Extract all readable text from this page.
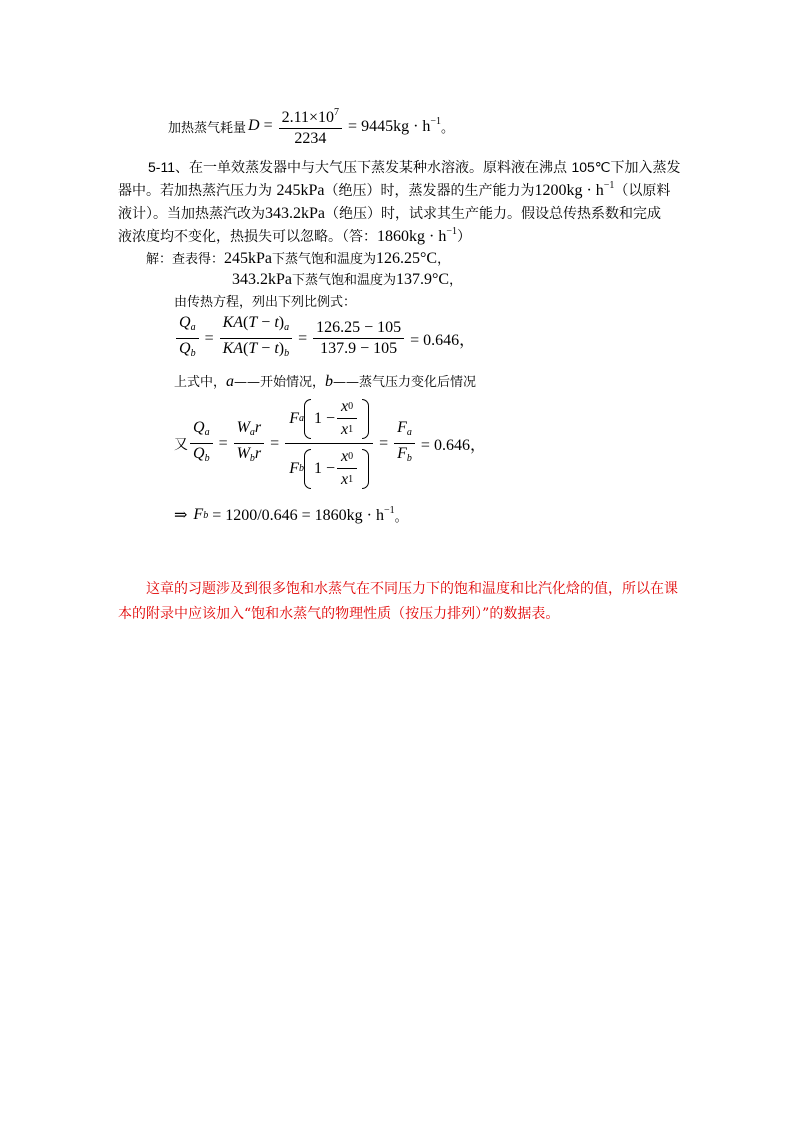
加热蒸气耗量 $D = \frac{2.11\times 10^7}{2234} = 9445kg \cdot h^{-1}$ 。
5-11、在一单效蒸发器中与大气压下蒸发某种水溶液。原料液在沸点 105℃下加入蒸发
器中。若加热蒸汽压力为 245kPa（绝压）时，蒸发器的生产能力为$1200kg \cdot h^{-1}$（以原料
液计）。当加热蒸汽改为343.2kPa（绝压）时，试求其生产能力。假设总传热系数和完成
液浓度均不变化，热损失可以忽略。（答：$1860kg \cdot h^{-1}$）
解：查表得：245kPa下蒸气饱和温度为126.25°C，
343.2kPa下蒸气饱和温度为137.9°C，
由传热方程，列出下列比例式：
$\frac{Q_a}{Q_b} = \frac{KA(T - t)_a}{KA(T - t)_b} = \frac{126.25 - 105}{137.9 - 105} = 0.646$，
上式中，a——开始情况，b——蒸气压力变化后情况
又 $\frac{Q_a}{Q_b} = \frac{W_ar}{W_br} = \frac{F a 1 - \frac{x 0}{x 1}}{F b 1 - \frac{x 0}{x 1}} = \frac{F_a}{F_b} = 0.646$，
⇒ F $b = 1200/0.646 = 1860kg \cdot h^{-1}$ 。
这章的习题涉及到很多饱和水蒸气在不同压力下的饱和温度和比汽化焓的值，所以在课
本的附录中应该加入“饱和水蒸气的物理性质（按压力排列）”的数据表。
